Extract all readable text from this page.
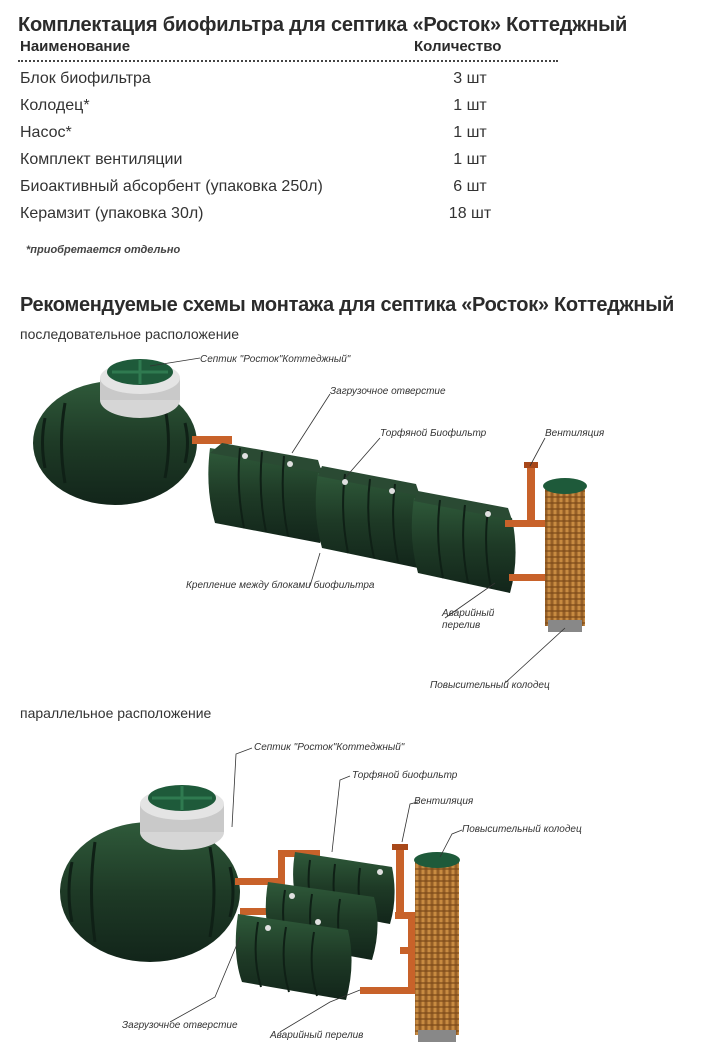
Комплектация биофильтра для септика «Росток» Коттеджный
Наименование	Количество
Блок биофильтра	3 шт
Колодец*	1 шт
Насос*	1 шт
Комплект вентиляции	1 шт
Биоактивный абсорбент (упаковка 250л)	6 шт
Керамзит (упаковка 30л)	18 шт
*приобретается отдельно
Рекомендуемые схемы монтажа для септика «Росток» Коттеджный
последовательное расположение
Септик "Росток"Коттеджный"
Загрузочное отверстие
Торфяной Биофильтр	Вентиляция
Крепление между блоками биофильтра
Аварийный
перелив
Повысительный колодец
параллельное расположение
Септик "Росток"Коттеджный"
Торфяной биофильтр
Вентиляция
Повысительный колодец
Загрузочное отверстие
Аварийный перелив
